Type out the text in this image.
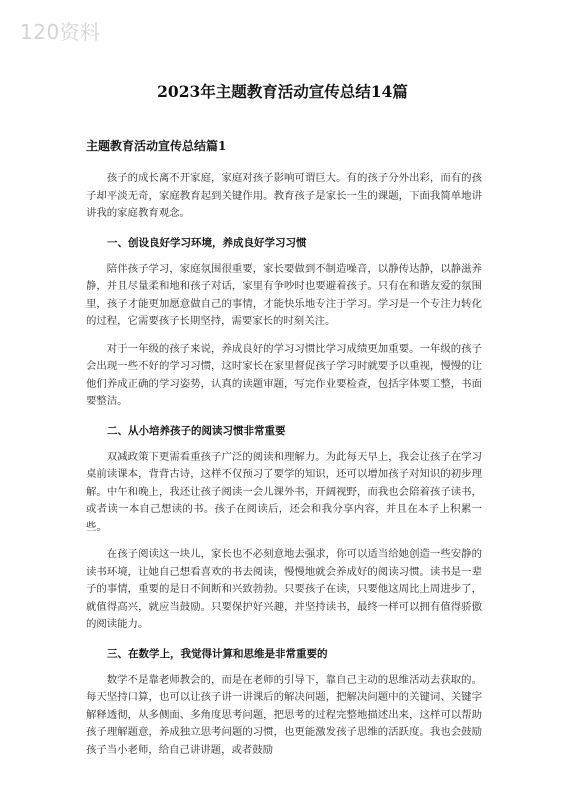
120资料
2023年主题教育活动宣传总结14篇
主题教育活动宣传总结篇1

孩子的成长离不开家庭，家庭对孩子影响可谓巨大。有的孩子分外出彩，而有的孩子却平淡无奇，家庭教育起到关键作用。教育孩子是家长一生的课题，下面我简单地讲讲我的家庭教育观念。

一、创设良好学习环境，养成良好学习习惯

陪伴孩子学习，家庭氛围很重要，家长要做到不制造噪音，以静传达静，以静滋养静，并且尽量柔和地和孩子对话，家里有争吵时也要避着孩子。只有在和谐友爱的氛围里，孩子才能更加愿意做自己的事情，才能快乐地专注于学习。学习是一个专注力转化的过程，它需要孩子长期坚持，需要家长的时刻关注。

对于一年级的孩子来说，养成良好的学习习惯比学习成绩更加重要。一年级的孩子会出现一些不好的学习习惯，这时家长在家里督促孩子学习时就要予以重视，慢慢的让他们养成正确的学习姿势，认真的读题审题，写完作业要检查，包括字体要工整，书面要整洁。

二、从小培养孩子的阅读习惯非常重要

双减政策下更需看重孩子广泛的阅读和理解力。为此每天早上，我会让孩子在学习桌前读课本，背背古诗，这样不仅预习了要学的知识，还可以增加孩子对知识的初步理解。中午和晚上，我还让孩子阅读一会儿课外书，开阔视野，而我也会陪着孩子读书，或者读一本自己想读的书。孩子在阅读后，还会和我分享内容，并且在本子上积累一些。

在孩子阅读这一块儿，家长也不必刻意地去强求，你可以适当给她创造一些安静的读书环境，让她自己想看喜欢的书去阅读，慢慢地就会养成好的阅读习惯。读书是一辈子的事情，重要的是日不间断和兴致勃勃。只要孩子在读，只要他这周比上周进步了，就值得高兴，就应当鼓励。只要保护好兴趣，并坚持读书，最终一样可以拥有值得骄傲的阅读能力。

三、在数学上，我觉得计算和思维是非常重要的

数学不是靠老师教会的，而是在老师的引导下，靠自己主动的思维活动去获取的。每天坚持口算，也可以让孩子讲一讲课后的解决问题，把解决问题中的关键词、关键字解释透彻，从多侧面、多角度思考问题，把思考的过程完整地描述出来，这样可以帮助孩子理解题意，养成独立思考问题的习惯，也更能激发孩子思维的活跃度。我也会鼓励孩子当小老师，给自己讲讲题，或者鼓励
